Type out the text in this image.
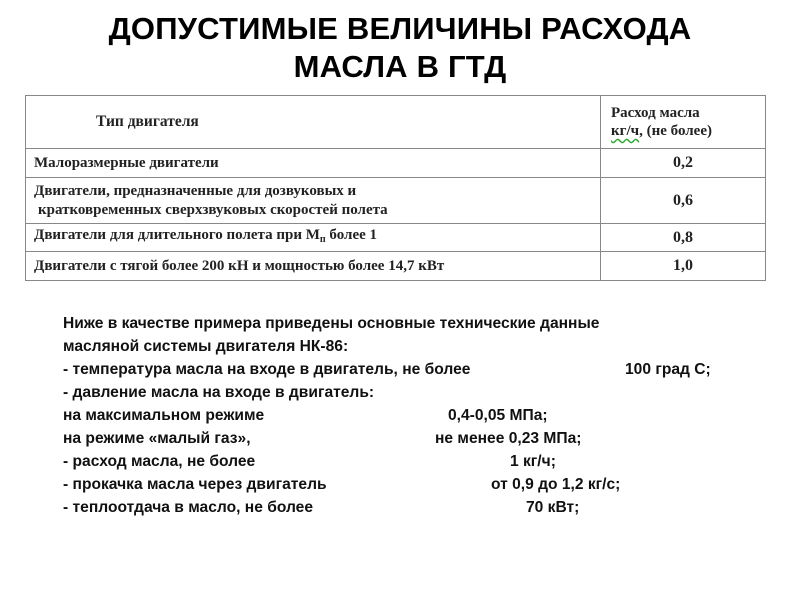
ДОПУСТИМЫЕ ВЕЛИЧИНЫ РАСХОДА
МАСЛА В ГТД
Тип двигателя	Расход масла
кг/ч, (не более)

Малоразмерные двигатели	0,2

Двигатели, предназначенные для дозвуковых и
кратковременных сверхзвуковых скоростей полета	0,6
Двигатели для длительного полета при $М_п$ более 1	0,8
Двигатели с тягой более 200 кН и мощностью более 14,7 кВт	1,0
Ниже в качестве примера приведены основные технические данные
масляной системы двигателя НК-86:
- температура масла на входе в двигатель, не более	100 град С;
- давление масла на входе в двигатель:
на максимальном режиме	0,4-0,05 МПа;
на режиме «малый газ»,	не менее 0,23 МПа;
- расход масла, не более	1 кг/ч;
- прокачка масла через двигатель	от 0,9 до 1,2 кг/с;
- теплоотдача в масло, не более	70 кВт;
